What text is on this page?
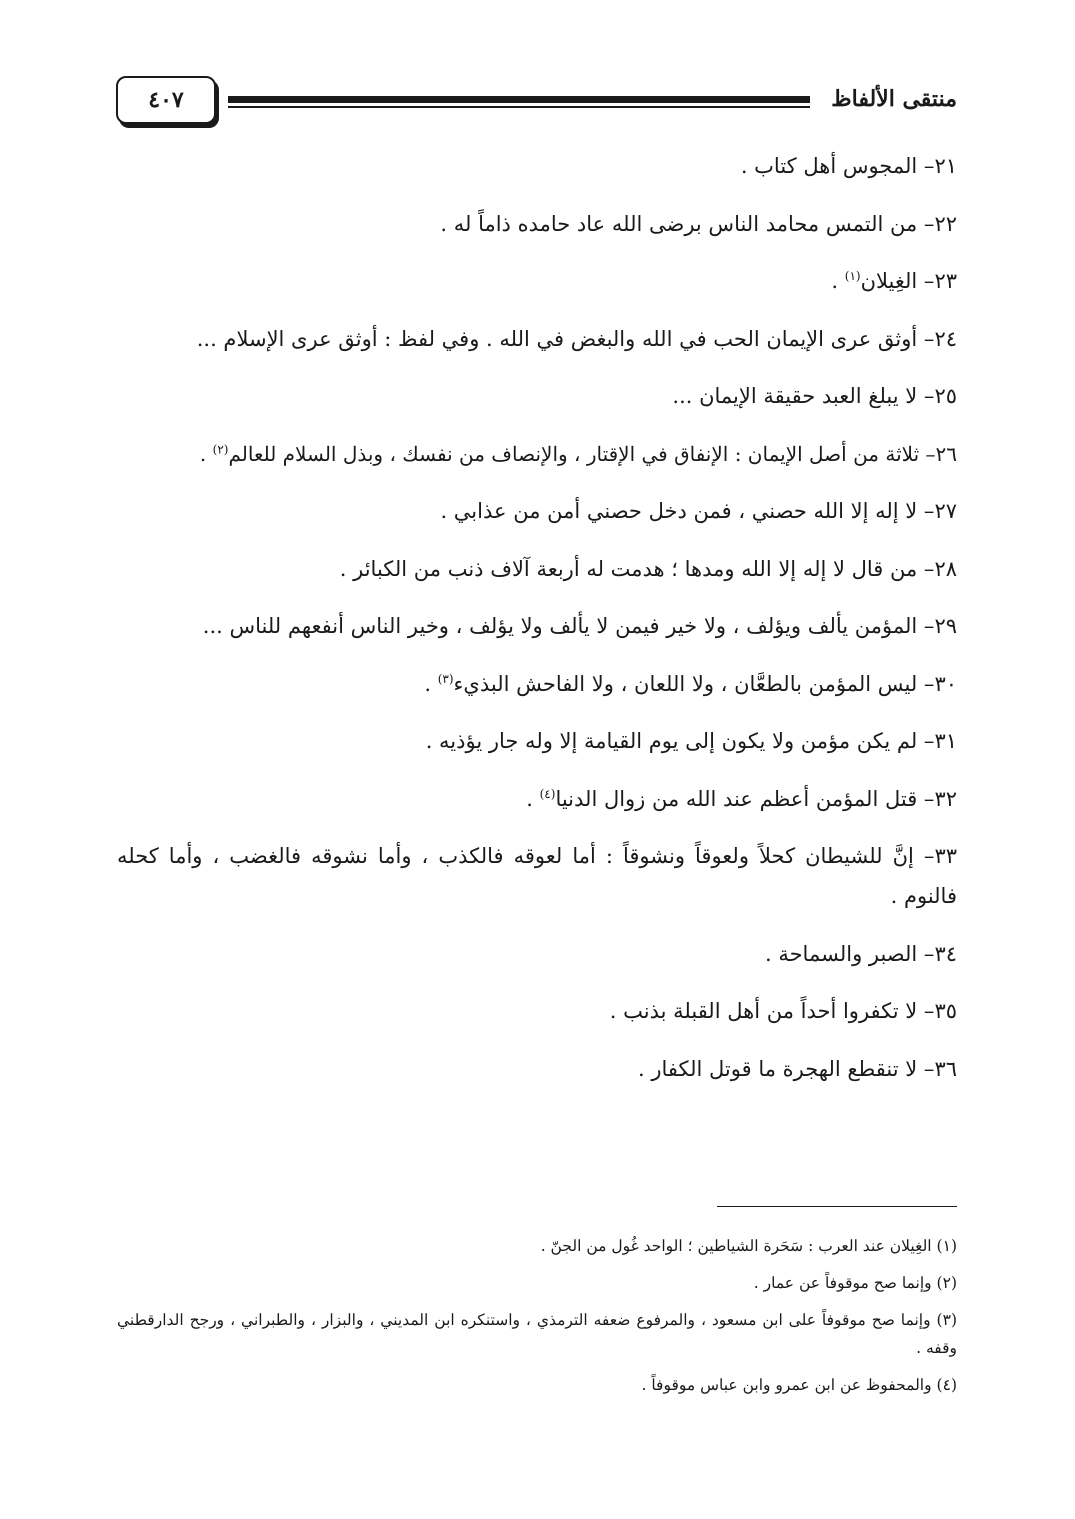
منتقى الألفاظ
٤٠٧
٢١– المجوس أهل كتاب .
٢٢– من التمس محامد الناس برضى الله عاد حامده ذاماً له .
٢٣– الغِيلان$^{(١)}$ .
٢٤– أوثق عرى الإيمان الحب في الله والبغض في الله . وفي لفظ : أوثق عرى الإسلام ...
٢٥– لا يبلغ العبد حقيقة الإيمان ...
٢٦– ثلاثة من أصل الإيمان : الإنفاق في الإقتار ، والإنصاف من نفسك ، وبذل السلام للعالم$^{(٢)}$ .
٢٧– لا إله إلا الله حصني ، فمن دخل حصني أمن من عذابي .
٢٨– من قال لا إله إلا الله ومدها ؛ هدمت له أربعة آلاف ذنب من الكبائر .
٢٩– المؤمن يألف ويؤلف ، ولا خير فيمن لا يألف ولا يؤلف ، وخير الناس أنفعهم للناس ...
٣٠– ليس المؤمن بالطعَّان ، ولا اللعان ، ولا الفاحش البذيء$^{(٣)}$ .
٣١– لم يكن مؤمن ولا يكون إلى يوم القيامة إلا وله جار يؤذيه .
٣٢– قتل المؤمن أعظم عند الله من زوال الدنيا$^{(٤)}$ .
٣٣– إنَّ للشيطان كحلاً ولعوقاً ونشوقاً : أما لعوقه فالكذب ، وأما نشوقه فالغضب ، وأما كحله فالنوم .
٣٤– الصبر والسماحة .
٣٥– لا تكفروا أحداً من أهل القبلة بذنب .
٣٦– لا تنقطع الهجرة ما قوتل الكفار .
(١) الغِيلان عند العرب : سَحَرة الشياطين ؛ الواحد غُول من الجنّ .
(٢) وإنما صح موقوفاً عن عمار .
(٣) وإنما صح موقوفاً على ابن مسعود ، والمرفوع ضعفه الترمذي ، واستنكره ابن المديني ، والبزار ، والطبراني ، ورجح الدارقطني وقفه .
(٤) والمحفوظ عن ابن عمرو وابن عباس موقوفاً .
